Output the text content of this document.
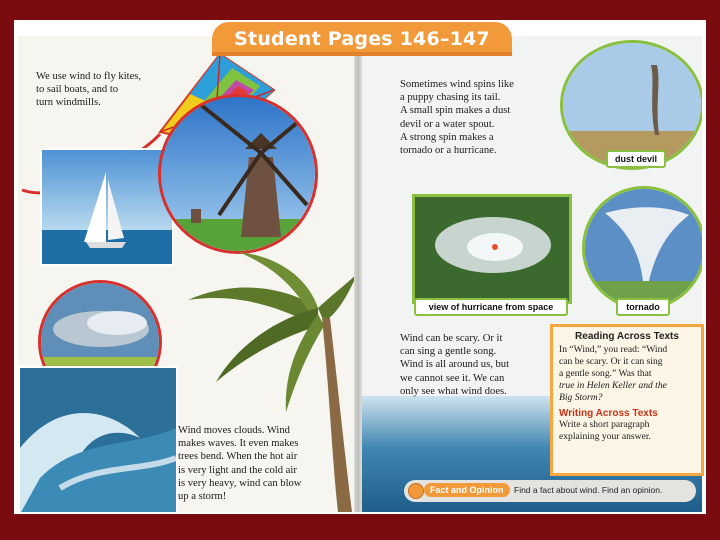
We use wind to fly kites,
to sail boats, and to
turn windmills.
Wind moves clouds. Wind
makes waves. It even makes
trees bend. When the hot air
is very light and the cold air
is very heavy, wind can blow
up a storm!
Sometimes wind spins like
a puppy chasing its tail.
A small spin makes a dust
devil or a water spout.
A strong spin makes a
tornado or a hurricane.
dust devil
view of hurricane from space	tornado
Wind can be scary. Or it
can sing a gentle song.
Wind is all around us, but
we cannot see it. We can
only see what wind does.
Student Pages 146–147
Reading Across Texts
In “Wind,” you read: “Wind
can be scary. Or it can sing
a gentle song.” Was that
true in Helen Keller and the
Big Storm?
Writing Across Texts
Write a short paragraph
explaining your answer.
Fact and Opinion	Find a fact about wind. Find an opinion.
